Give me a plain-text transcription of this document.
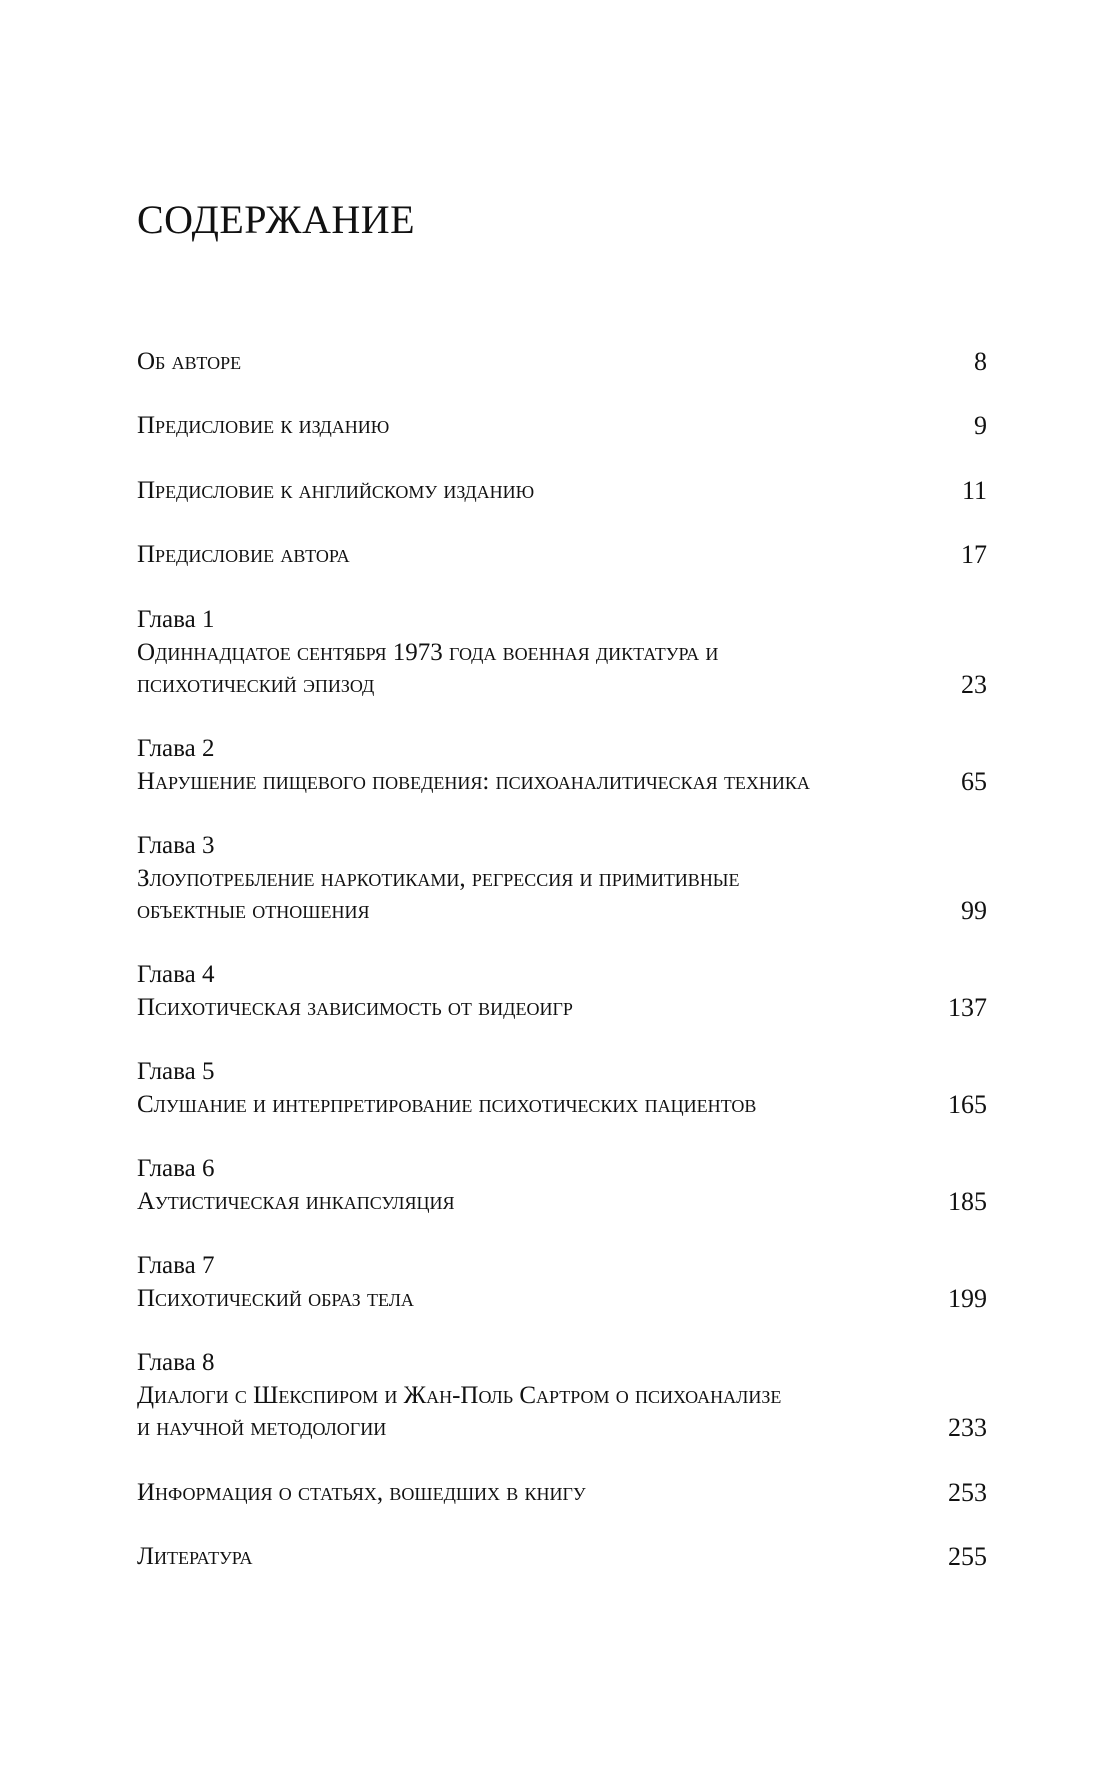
СОДЕРЖАНИЕ
Об авторе	8
Предисловие к изданию	9
Предисловие к английскому изданию	11
Предисловие автора	17
Глава 1
Одиннадцатое сентября 1973 года военная диктатура и
психотический эпизод	23
Глава 2
Нарушение пищевого поведения: психоаналитическая техника	65
Глава 3
Злоупотребление наркотиками, регрессия и примитивные
объектные отношения	99
Глава 4
Психотическая зависимость от видеоигр	137
Глава 5
Слушание и интерпретирование психотических пациентов	165
Глава 6
Аутистическая инкапсуляция	185
Глава 7
Психотический образ тела	199
Глава 8
Диалоги с Шекспиром и Жан-Поль Сартром о психоанализе
и научной методологии	233
Информация о статьях, вошедших в книгу	253
Литература	255
